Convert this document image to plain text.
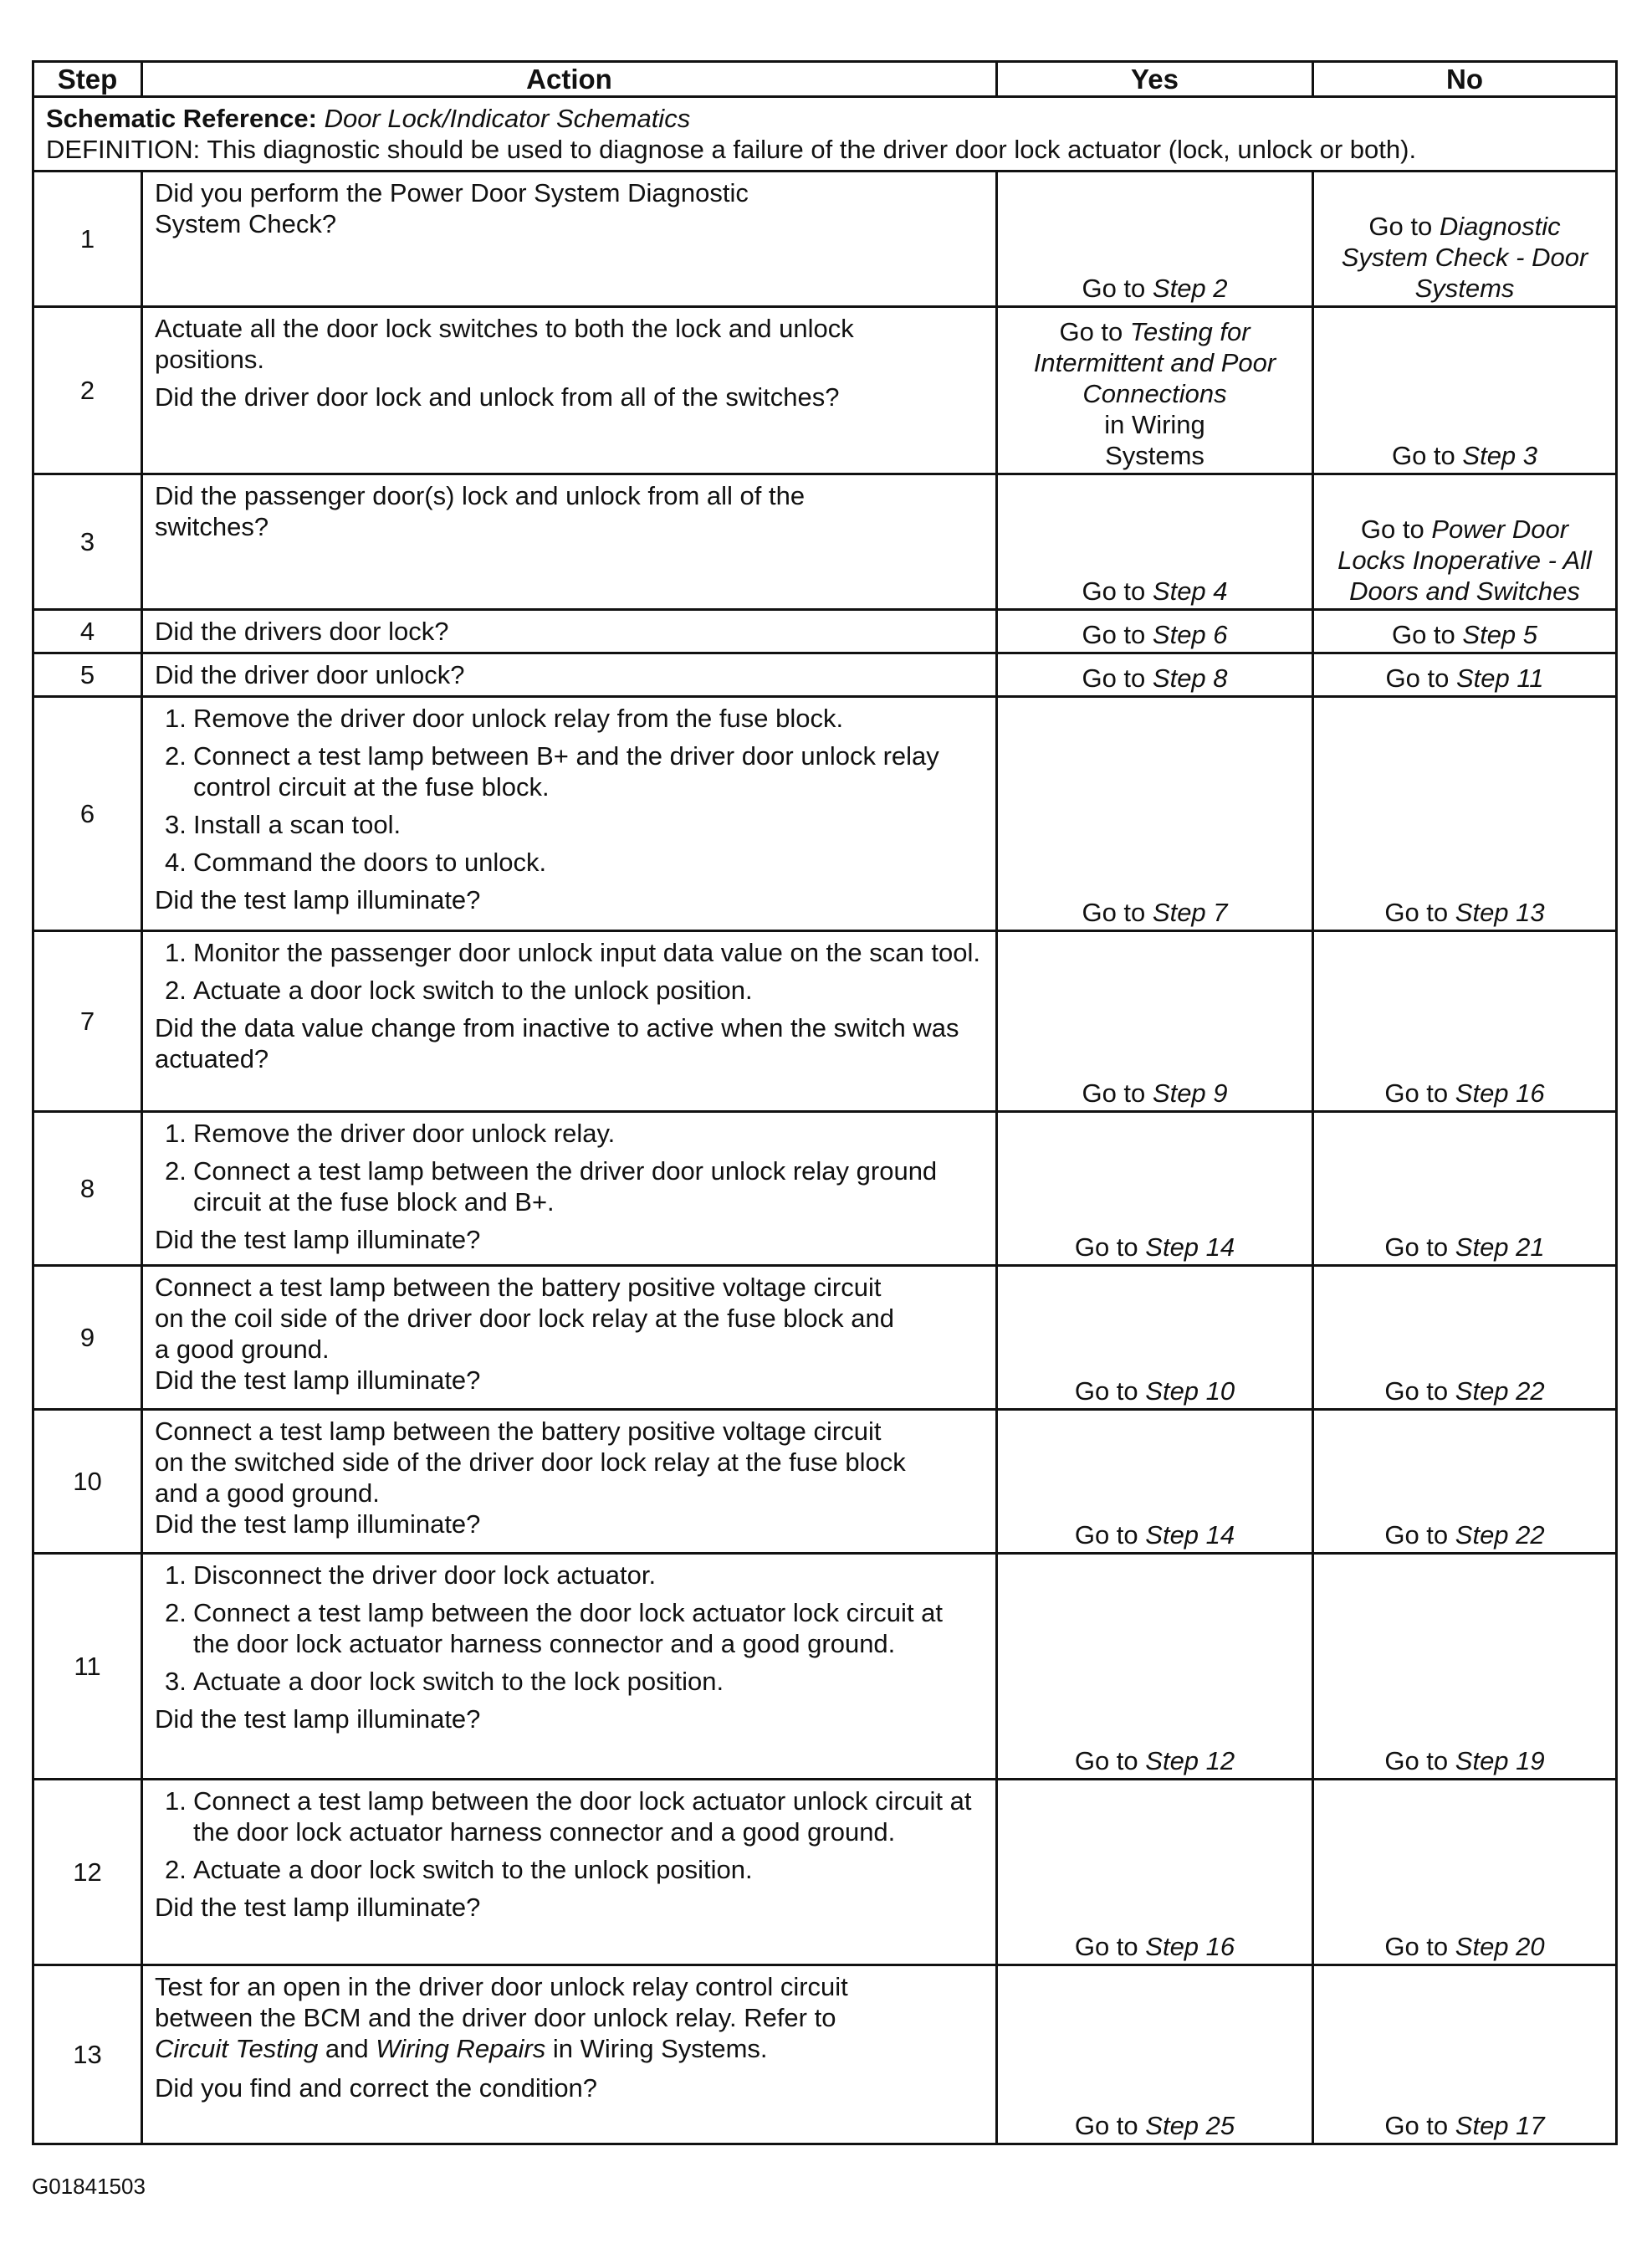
Step	Action	Yes	No

Schematic Reference: Door Lock/Indicator Schematics
DEFINITION: This diagnostic should be used to diagnose a failure of the driver door lock actuator (lock, unlock or both).			

1	Did you perform the Power Door System Diagnostic
System Check?	Go to Step 2	Go to Diagnostic
System Check - Door
Systems

2	Actuate all the door lock switches to both the lock and unlock
positions.
Did the driver door lock and unlock from all of the switches?	Go to Testing for
Intermittent and Poor
Connections
in Wiring
Systems	Go to Step 3

3	Did the passenger door(s) lock and unlock from all of the
switches?	Go to Step 4	Go to Power Door
Locks Inoperative - All
Doors and Switches

4	Did the drivers door lock?	Go to Step 6	Go to Step 5

5	Did the driver door unlock?	Go to Step 8	Go to Step 11

6	1. Remove the driver door unlock relay from the fuse block.
2. Connect a test lamp between B+ and the driver door unlock relay control circuit at the fuse block.
3. Install a scan tool.
4. Command the doors to unlock.
Did the test lamp illuminate?	Go to Step 7	Go to Step 13

7	1. Monitor the passenger door unlock input data value on the scan tool.
2. Actuate a door lock switch to the unlock position.
Did the data value change from inactive to active when the switch was actuated?	Go to Step 9	Go to Step 16

8	1. Remove the driver door unlock relay.
2. Connect a test lamp between the driver door unlock relay ground circuit at the fuse block and B+.
Did the test lamp illuminate?	Go to Step 14	Go to Step 21

9	Connect a test lamp between the battery positive voltage circuit
on the coil side of the driver door lock relay at the fuse block and
a good ground.
Did the test lamp illuminate?	Go to Step 10	Go to Step 22

10	Connect a test lamp between the battery positive voltage circuit
on the switched side of the driver door lock relay at the fuse block
and a good ground.
Did the test lamp illuminate?	Go to Step 14	Go to Step 22

11	1. Disconnect the driver door lock actuator.
2. Connect a test lamp between the door lock actuator lock circuit at the door lock actuator harness connector and a good ground.
3. Actuate a door lock switch to the lock position.
Did the test lamp illuminate?	Go to Step 12	Go to Step 19

12	1. Connect a test lamp between the door lock actuator unlock circuit at the door lock actuator harness connector and a good ground.
2. Actuate a door lock switch to the unlock position.
Did the test lamp illuminate?	Go to Step 16	Go to Step 20

13	Test for an open in the driver door unlock relay control circuit
between the BCM and the driver door unlock relay. Refer to
Circuit Testing and Wiring Repairs in Wiring Systems.
Did you find and correct the condition?	Go to Step 25	Go to Step 17
G01841503
